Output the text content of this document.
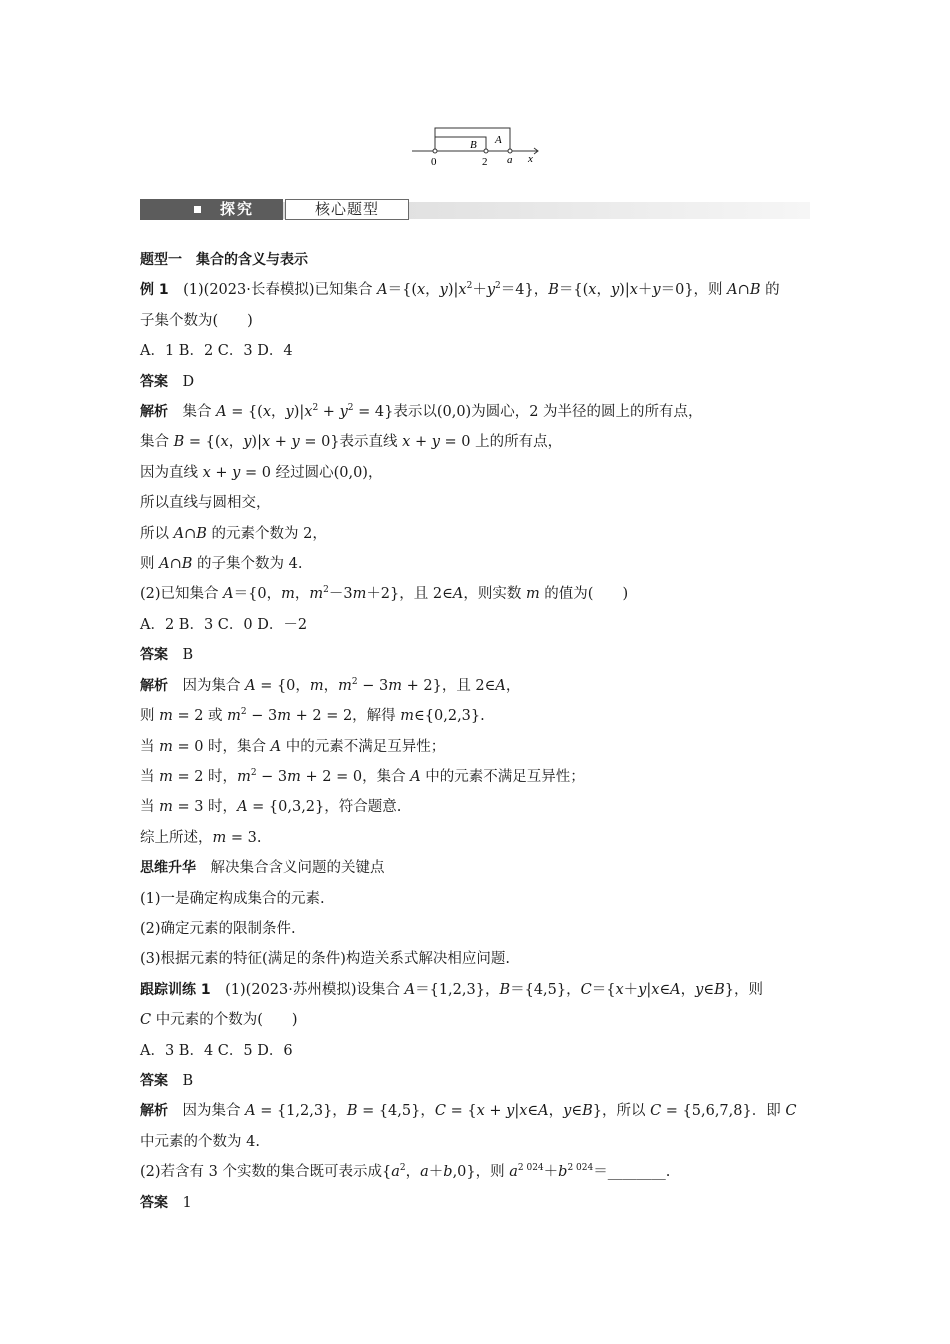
B A
0	2 a x
探究	核心题型
题型一　集合的含义与表示
例 1　(1)(2023·长春模拟)已知集合 A＝{(x，$y)|x^2+y^2=4$}，B＝{(x，y)|x＋y＝0}，则 A∩B 的
子集个数为(　　)
A．1 B．2 C．3 D．4
答案　D
解析　集合 A = {(x，$y)|x^2 + y^2 = 4$}表示以(0,0)为圆心，2 为半径的圆上的所有点，
集合 B = {(x，y)|x + y = 0}表示直线 x + y = 0 上的所有点，
因为直线 x + y = 0 经过圆心(0,0)，
所以直线与圆相交，
所以 A∩B 的元素个数为 2，
则 A∩B 的子集个数为 4.
(2)已知集合 A＝{0，m，$m^2-3m+2$}，且 2∈A，则实数 m 的值为(　　)
A．2 B．3 C．0 D．－2
答案　B
解析　因为集合 A = {0，m，$m^2 - 3m + 2$}，且 2∈A，
则 m = 2 或 $m^2 - 3m + 2 = 2$，解得 m∈{0,2,3}.
当 m = 0 时，集合 A 中的元素不满足互异性；
当 m = 2 时，$m^2 - 3m + 2 = 0$，集合 A 中的元素不满足互异性；
当 m = 3 时，A = {0,3,2}，符合题意.
综上所述，m = 3.
思维升华　解决集合含义问题的关键点
(1)一是确定构成集合的元素.
(2)确定元素的限制条件.
(3)根据元素的特征(满足的条件)构造关系式解决相应问题.
跟踪训练 1　(1)(2023·苏州模拟)设集合 A＝{1,2,3}，B＝{4,5}，C＝{x＋y|x∈A，y∈B}，则
C 中元素的个数为(　　)
A．3 B．4 C．5 D．6
答案　B
解析　因为集合 A = {1,2,3}，B = {4,5}，C = {x + y|x∈A，y∈B}，所以 C = {5,6,7,8}．即 C
中元素的个数为 4.
(2)若含有 3 个实数的集合既可表示成{$a^2$，a＋b,0}，则 $a^{2 024}+b^{2 024}=\_\_\_\_\_\_\_\_$.
答案　1
